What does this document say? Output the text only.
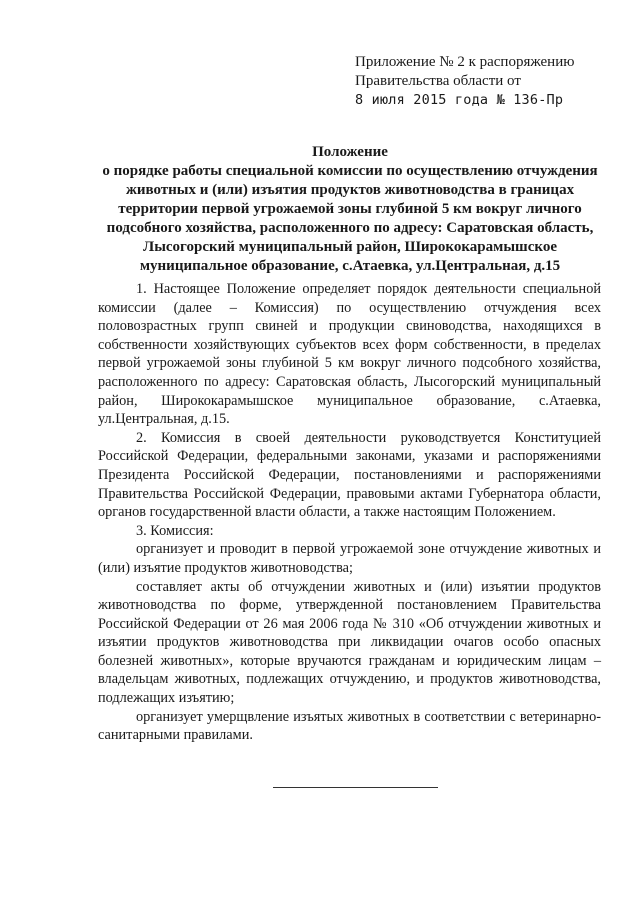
Приложение № 2 к распоряжению
Правительства области от
8 июля 2015 года № 136-Пр
Положение
о порядке работы специальной комиссии по осуществлению отчуждения
животных и (или) изъятия продуктов животноводства в границах
территории первой угрожаемой зоны глубиной 5 км вокруг личного
подсобного хозяйства, расположенного по адресу: Саратовская область,
Лысогорский муниципальный район, Ширококарамышское
муниципальное образование, с.Атаевка, ул.Центральная, д.15

1. Настоящее Положение определяет порядок деятельности специальной комиссии (далее – Комиссия) по осуществлению отчуждения всех половозрастных групп свиней и продукции свиноводства, находящихся в собственности хозяйствующих субъектов всех форм собственности, в пределах первой угрожаемой зоны глубиной 5 км вокруг личного подсобного хозяйства, расположенного по адресу: Саратовская область, Лысогорский муниципальный район, Ширококарамышское муниципальное образование, с.Атаевка, ул.Центральная, д.15.

2. Комиссия в своей деятельности руководствуется Конституцией Российской Федерации, федеральными законами, указами и распоряжениями Президента Российской Федерации, постановлениями и распоряжениями Правительства Российской Федерации, правовыми актами Губернатора области, органов государственной власти области, а также настоящим Положением.

3. Комиссия:

организует и проводит в первой угрожаемой зоне отчуждение животных и (или) изъятие продуктов животноводства;

составляет акты об отчуждении животных и (или) изъятии продуктов животноводства по форме, утвержденной постановлением Правительства Российской Федерации от 26 мая 2006 года № 310 «Об отчуждении животных и изъятии продуктов животноводства при ликвидации очагов особо опасных болезней животных», которые вручаются гражданам и юридическим лицам – владельцам животных, подлежащих отчуждению, и продуктов животноводства, подлежащих изъятию;

организует умерщвление изъятых животных в соответствии с ветеринарно-санитарными правилами.
